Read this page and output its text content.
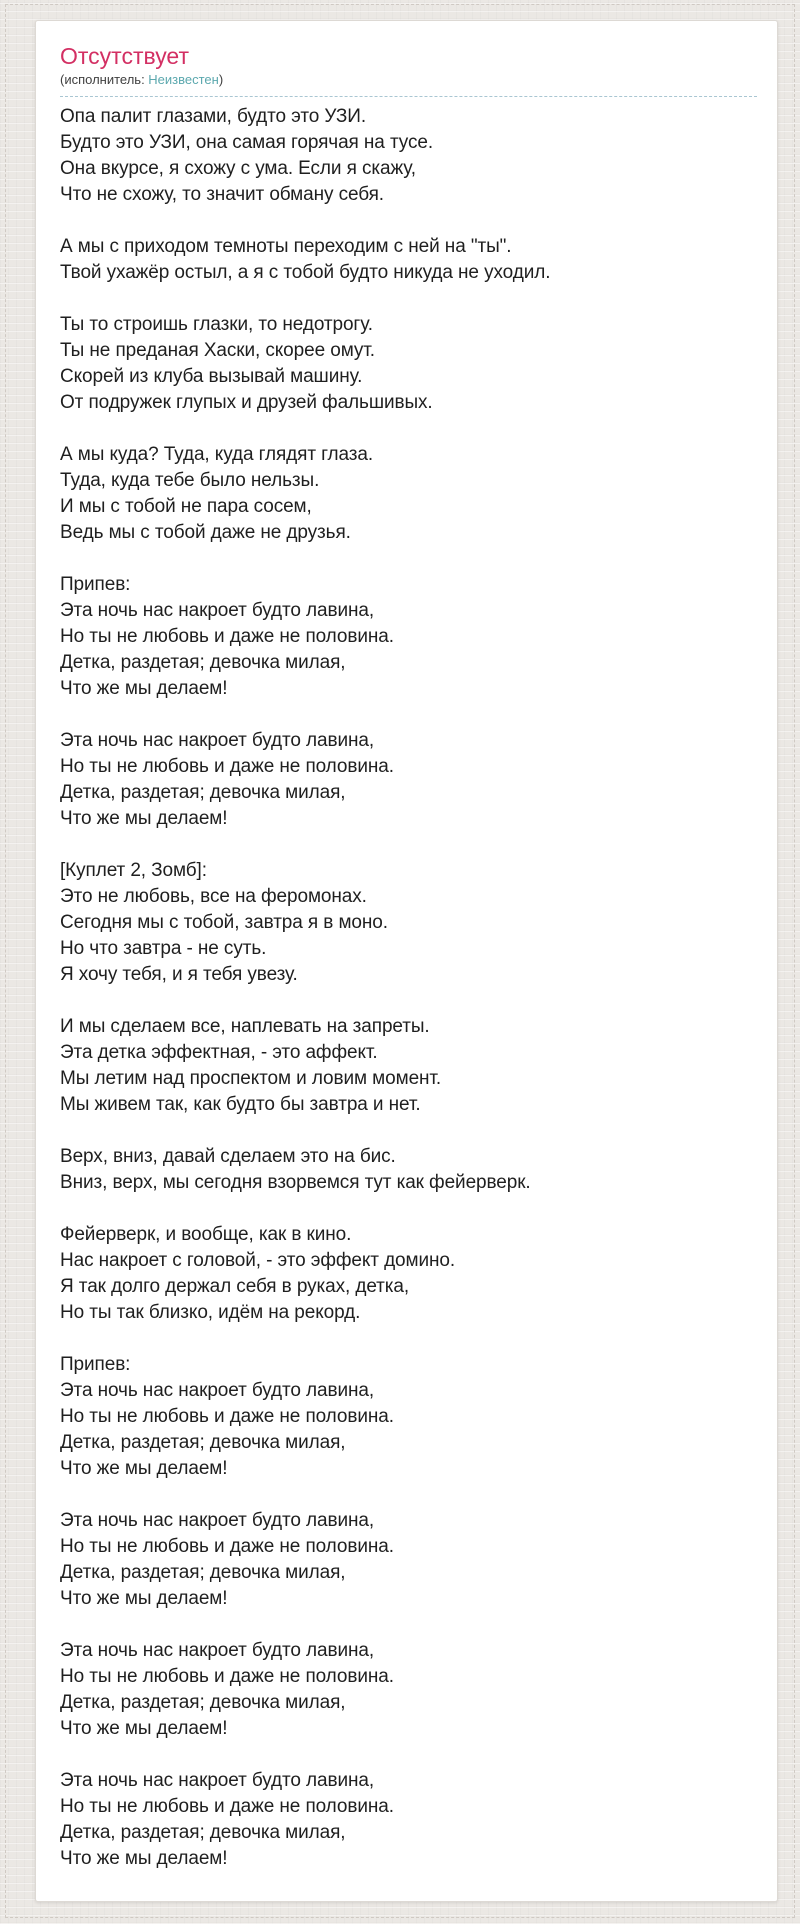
Отсутствует

(исполнитель: Неизвестен)

Опа палит глазами, будто это УЗИ.
Будто это УЗИ, она самая горячая на тусе.
Она вкурсе, я схожу с ума. Если я скажу,
Что не схожу, то значит обману себя.
А мы с приходом темноты переходим с ней на "ты".
Твой ухажёр остыл, а я с тобой будто никуда не уходил.
Ты то строишь глазки, то недотрогу.
Ты не преданая Хаски, скорее омут.
Скорей из клуба вызывай машину.
От подружек глупых и друзей фальшивых.
А мы куда? Туда, куда глядят глаза.
Туда, куда тебе было нельзы.
И мы с тобой не пара сосем,
Ведь мы с тобой даже не друзья.
Припев:
Эта ночь нас накроет будто лавина,
Но ты не любовь и даже не половина.
Детка, раздетая; девочка милая,
Что же мы делаем!
Эта ночь нас накроет будто лавина,
Но ты не любовь и даже не половина.
Детка, раздетая; девочка милая,
Что же мы делаем!
[Куплет 2, Зомб]:
Это не любовь, все на феромонах.
Сегодня мы с тобой, завтра я в моно.
Но что завтра - не суть.
Я хочу тебя, и я тебя увезу.
И мы сделаем все, наплевать на запреты.
Эта детка эффектная, - это аффект.
Мы летим над проспектом и ловим момент.
Мы живем так, как будто бы завтра и нет.
Верх, вниз, давай сделаем это на бис.
Вниз, верх, мы сегодня взорвемся тут как фейерверк.
Фейерверк, и вообще, как в кино.
Нас накроет с головой, - это эффект домино.
Я так долго держал себя в руках, детка,
Но ты так близко, идём на рекорд.
Припев:
Эта ночь нас накроет будто лавина,
Но ты не любовь и даже не половина.
Детка, раздетая; девочка милая,
Что же мы делаем!
Эта ночь нас накроет будто лавина,
Но ты не любовь и даже не половина.
Детка, раздетая; девочка милая,
Что же мы делаем!
Эта ночь нас накроет будто лавина,
Но ты не любовь и даже не половина.
Детка, раздетая; девочка милая,
Что же мы делаем!
Эта ночь нас накроет будто лавина,
Но ты не любовь и даже не половина.
Детка, раздетая; девочка милая,
Что же мы делаем!
